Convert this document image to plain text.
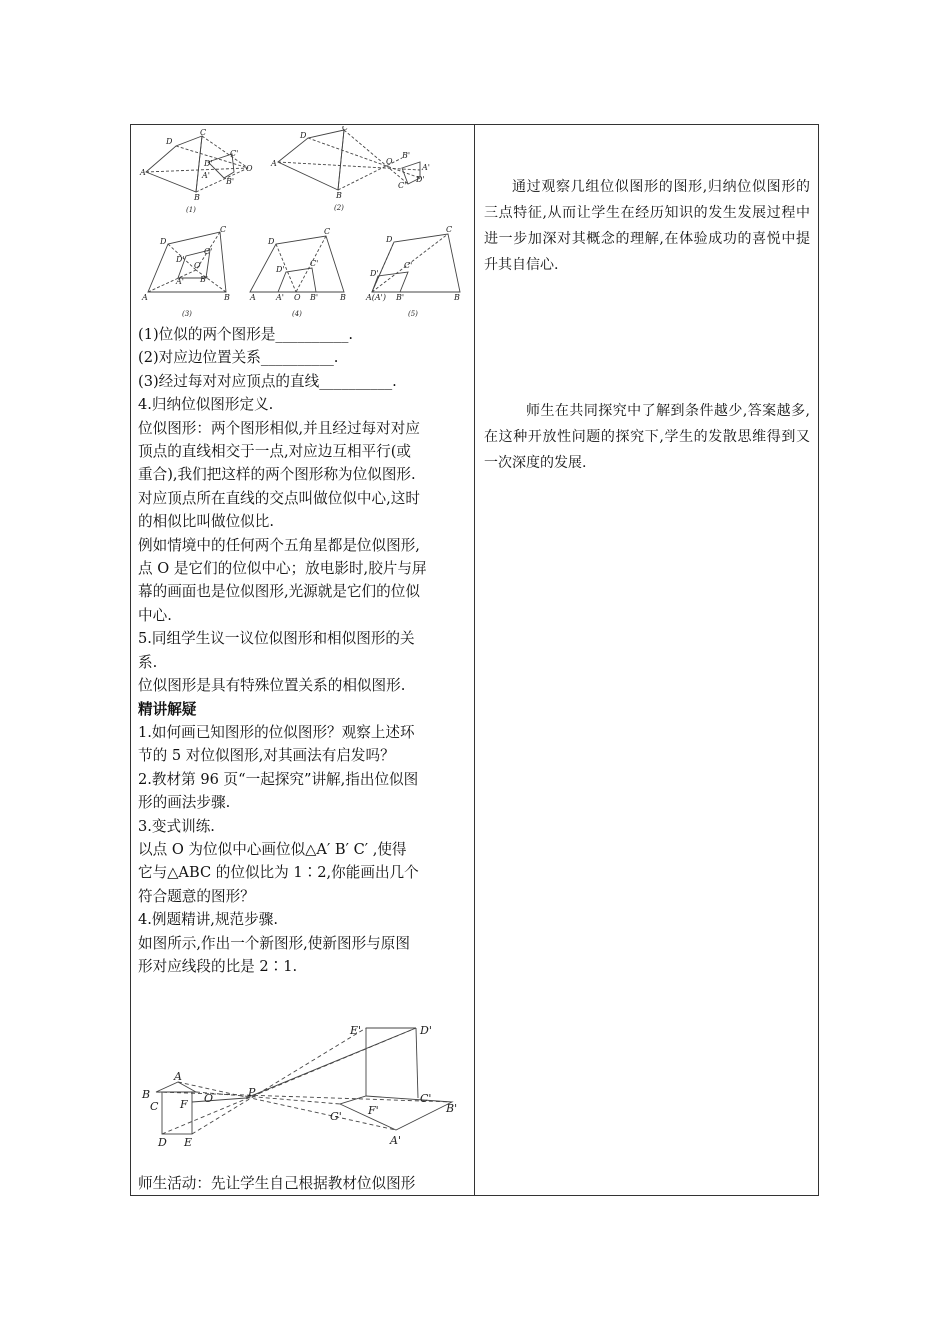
D
C
D'
C'
O
A	A'
B'
B
D
C
A	O
B'
A'
C'
D'
B
D
C
D'
C'
O
A' B'
A	B
D
C
D'
C'
A	A' O B'	B
D
C
D'
C'
A(A') B'	B
(1)	(2)
(3)	(4)	(5)

(1)位似的两个图形是__________.

(2)对应边位置关系__________.

(3)经过每对对应顶点的直线__________.

4.归纳位似图形定义.

位似图形：两个图形相似,并且经过每对对应

顶点的直线相交于一点,对应边互相平行(或

重合),我们把这样的两个图形称为位似图形.

对应顶点所在直线的交点叫做位似中心,这时

的相似比叫做位似比.

例如情境中的任何两个五角星都是位似图形,

点 O 是它们的位似中心；放电影时,胶片与屏

幕的画面也是位似图形,光源就是它们的位似

中心.

5.同组学生议一议位似图形和相似图形的关

系.

位似图形是具有特殊位置关系的相似图形.

精讲解疑

1.如何画已知图形的位似图形？观察上述环

节的 5 对位似图形,对其画法有启发吗？

2.教材第 96 页“一起探究”讲解,指出位似图

形的画法步骤.

3.变式训练.

以点 O 为位似中心画位似△A′ B′ C′ ,使得

它与△ABC 的位似比为 1∶2,你能画出几个

符合题意的图形？

4.例题精讲,规范步骤.

如图所示,作出一个新图形,使新图形与原图

形对应线段的比是 2∶1.

A
B
C F O
D E
P
E'	D'
C'
B'
F'
G'
A'

师生活动：先让学生自己根据教材位似图形

通过观察几组位似图形的图形,归纳位似图形的三点特征,从而让学生在经历知识的发生发展过程中进一步加深对其概念的理解,在体验成功的喜悦中提升其自信心.

师生在共同探究中了解到条件越少,答案越多,在这种开放性问题的探究下,学生的发散思维得到又一次深度的发展.
